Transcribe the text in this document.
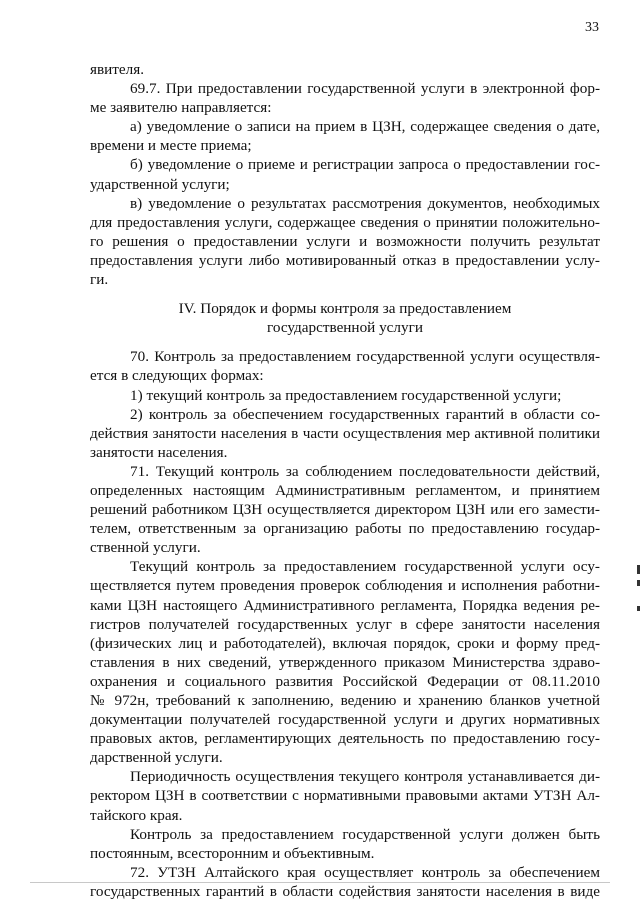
33
явителя.
69.7. При предоставлении государственной услуги в электронной фор-
ме заявителю направляется:
а) уведомление о записи на прием в ЦЗН, содержащее сведения о дате,
времени и месте приема;
б) уведомление о приеме и регистрации запроса о предоставлении гос-
ударственной услуги;
в) уведомление о результатах рассмотрения документов, необходимых
для предоставления услуги, содержащее сведения о принятии положительно-
го решения о предоставлении услуги и возможности получить результат
предоставления услуги либо мотивированный отказ в предоставлении услу-
ги.
IV. Порядок и формы контроля за предоставлением
государственной услуги
70. Контроль за предоставлением государственной услуги осуществля-
ется в следующих формах:
1) текущий контроль за предоставлением государственной услуги;
2) контроль за обеспечением государственных гарантий в области со-
действия занятости населения в части осуществления мер активной политики
занятости населения.
71. Текущий контроль за соблюдением последовательности действий,
определенных настоящим Административным регламентом, и принятием
решений работником ЦЗН осуществляется директором ЦЗН или его замести-
телем, ответственным за организацию работы по предоставлению государ-
ственной услуги.
Текущий контроль за предоставлением государственной услуги осу-
ществляется путем проведения проверок соблюдения и исполнения работни-
ками ЦЗН настоящего Административного регламента, Порядка ведения ре-
гистров получателей государственных услуг в сфере занятости населения
(физических лиц и работодателей), включая порядок, сроки и форму пред-
ставления в них сведений, утвержденного приказом Министерства здраво-
охранения и социального развития Российской Федерации от 08.11.2010
№ 972н, требований к заполнению, ведению и хранению бланков учетной
документации получателей государственной услуги и других нормативных
правовых актов, регламентирующих деятельность по предоставлению госу-
дарственной услуги.
Периодичность осуществления текущего контроля устанавливается ди-
ректором ЦЗН в соответствии с нормативными правовыми актами УТЗН Ал-
тайского края.
Контроль за предоставлением государственной услуги должен быть
постоянным, всесторонним и объективным.
72. УТЗН Алтайского края осуществляет контроль за обеспечением
государственных гарантий в области содействия занятости населения в виде
